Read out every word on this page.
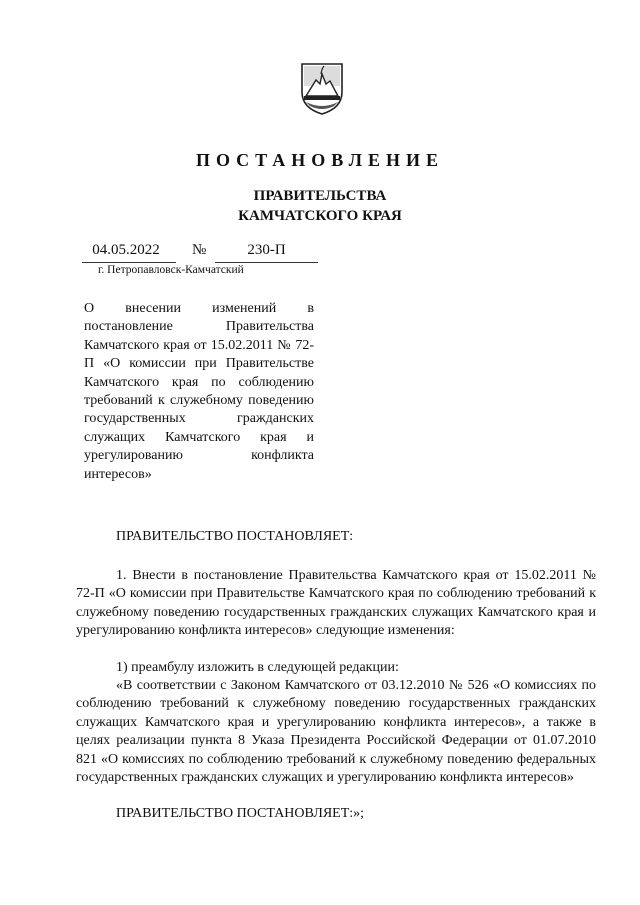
ПОСТАНОВЛЕНИЕ
ПРАВИТЕЛЬСТВА
КАМЧАТСКОГО КРАЯ
04.05.2022	№	230-П
г. Петропавловск-Камчатский
О внесении изменений в постановление Правительства Камчатского края от 15.02.2011 № 72-П «О комиссии при Правительстве Камчатского края по соблюдению требований к служебному поведению государственных гражданских служащих Камчатского края и урегулированию конфликта интересов»
ПРАВИТЕЛЬСТВО ПОСТАНОВЛЯЕТ:
1. Внести в постановление Правительства Камчатского края от 15.02.2011 № 72-П «О комиссии при Правительстве Камчатского края по соблюдению требований к служебному поведению государственных гражданских служащих Камчатского края и урегулированию конфликта интересов» следующие изменения:
1) преамбулу изложить в следующей редакции:
«В соответствии с Законом Камчатского от 03.12.2010 № 526 «О комиссиях по соблюдению требований к служебному поведению государственных гражданских служащих Камчатского края и урегулированию конфликта интересов», а также в целях реализации пункта 8 Указа Президента Российской Федерации от 01.07.2010 821 «О комиссиях по соблюдению требований к служебному поведению федеральных государственных гражданских служащих и урегулированию конфликта интересов»
ПРАВИТЕЛЬСТВО ПОСТАНОВЛЯЕТ:»;
